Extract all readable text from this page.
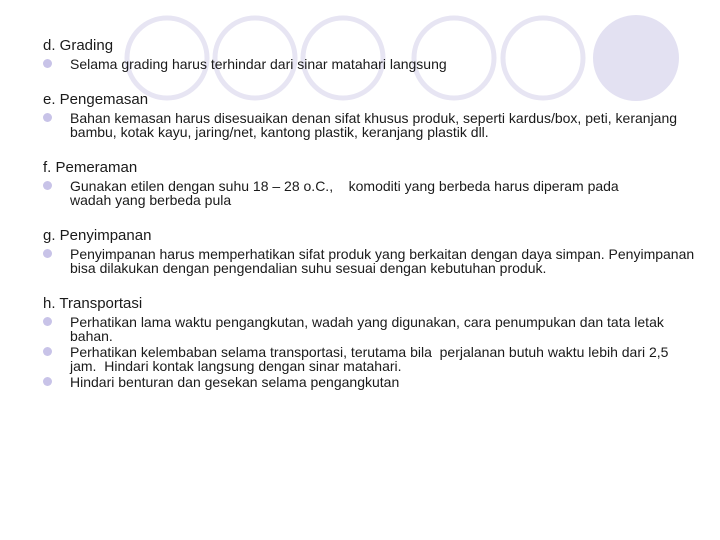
d. Grading
Selama grading harus terhindar dari sinar matahari langsung
e. Pengemasan
Bahan kemasan harus disesuaikan denan sifat khusus produk, seperti kardus/box, peti, keranjang bambu, kotak kayu, jaring/net, kantong plastik, keranjang plastik dll.
f. Pemeraman
Gunakan etilen dengan suhu 18 – 28 o.C.,    komoditi yang berbeda harus diperam pada wadah yang berbeda pula
g. Penyimpanan
Penyimpanan harus memperhatikan sifat produk yang berkaitan dengan daya simpan. Penyimpanan bisa dilakukan dengan pengendalian suhu sesuai dengan kebutuhan produk.
h. Transportasi
Perhatikan lama waktu pengangkutan, wadah yang digunakan, cara penumpukan dan tata letak bahan.
Perhatikan kelembaban selama transportasi, terutama bila  perjalanan butuh waktu lebih dari 2,5 jam.  Hindari kontak langsung dengan sinar matahari.
Hindari benturan dan gesekan selama pengangkutan
